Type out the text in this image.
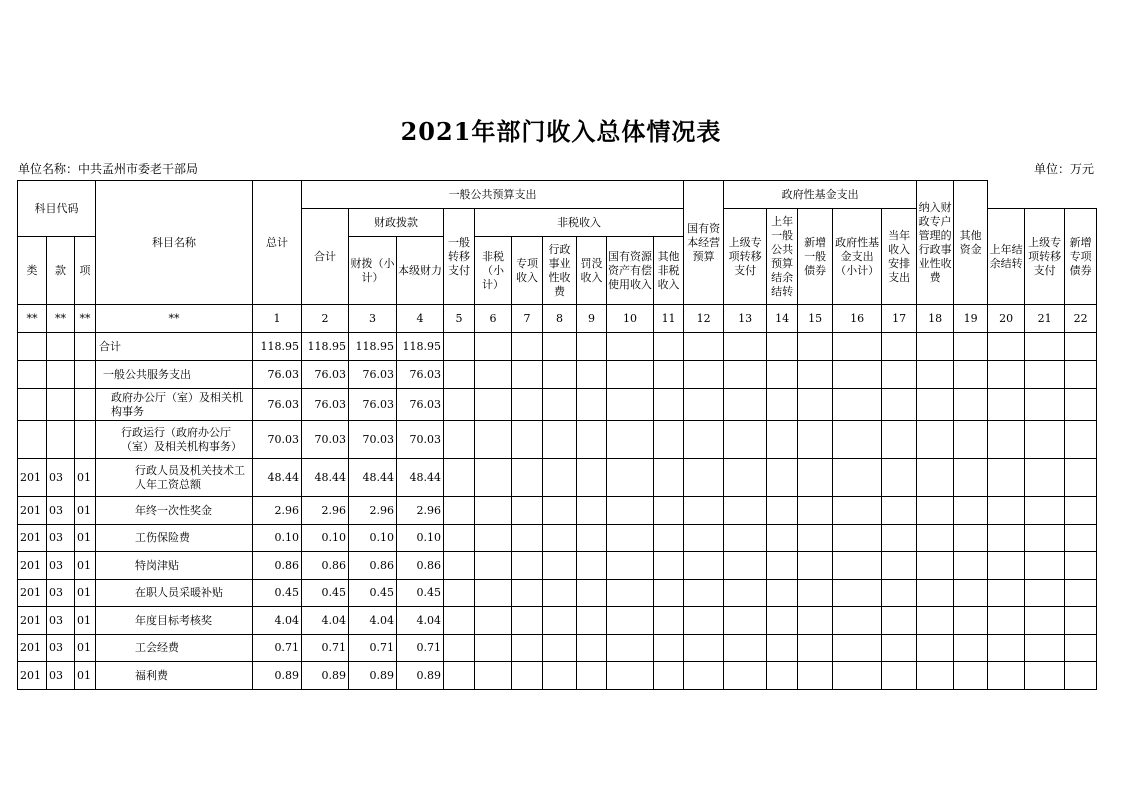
2021年部门收入总体情况表
单位名称：中共孟州市委老干部局	单位：万元
科目代码			科目名称	总计	一般公共预算支出										国有资本经营预算	政府性基金支出					纳入财政专户管理的行政事业性收费	其他资金			
					合计	财政拨款		一般转移支付	非税收入							上级专项转移支付	上年一般公共预算结余结转	新增一般债券	政府性基金支出（小计）	当年收入安排支出			上年结余结转	上级专项转移支付	新增专项债券
类	款	项				财拨（小计）	本级财力		非税（小计）	专项收入	行政事业性收费	罚没收入	国有资源资产有偿使用收入	其他非税收入											
**	**	**	**	1	2	3	4	5	6	7	8	9	10	11	12	13	14	15	16	17	18	19	20	21	22
			合计	118.95	118.95	118.95	118.95																		
			一般公共服务支出	76.03	76.03	76.03	76.03																		
			政府办公厅（室）及相关机构事务	76.03	76.03	76.03	76.03																		
			行政运行（政府办公厅（室）及相关机构事务）	70.03	70.03	70.03	70.03																		
201	03	01	行政人员及机关技术工人年工资总额	48.44	48.44	48.44	48.44																		
201	03	01	年终一次性奖金	2.96	2.96	2.96	2.96																		
201	03	01	工伤保险费	0.10	0.10	0.10	0.10																		
201	03	01	特岗津贴	0.86	0.86	0.86	0.86																		
201	03	01	在职人员采暖补贴	0.45	0.45	0.45	0.45																		
201	03	01	年度目标考核奖	4.04	4.04	4.04	4.04																		
201	03	01	工会经费	0.71	0.71	0.71	0.71																		
201	03	01	福利费	0.89	0.89	0.89	0.89																		
